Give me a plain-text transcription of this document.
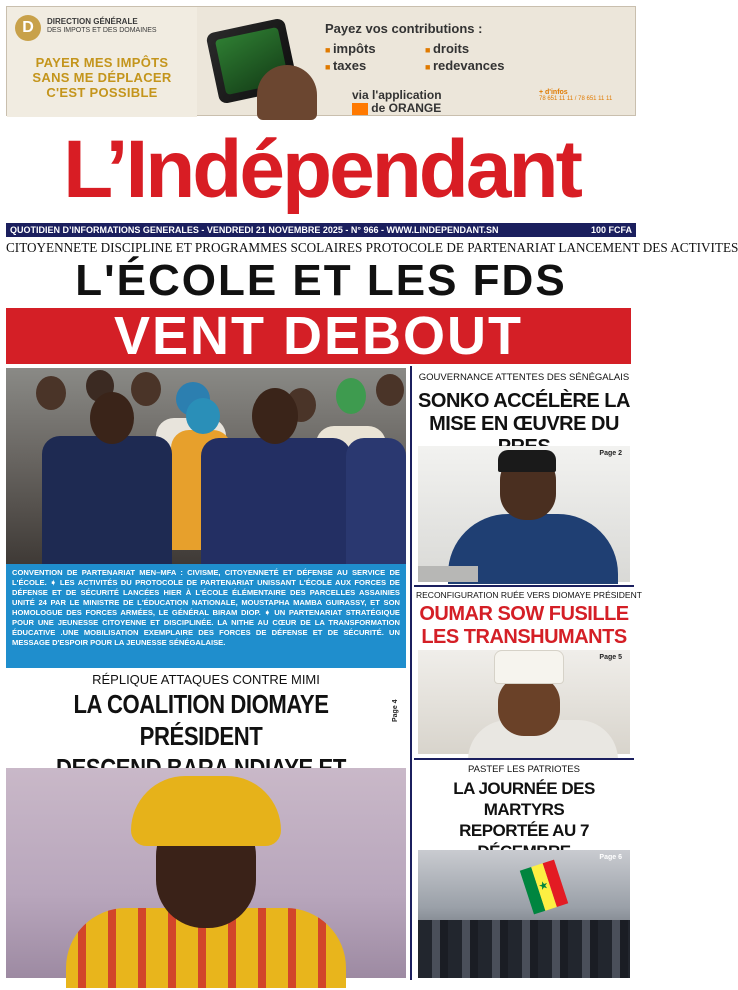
D	DIRECTION GÉNÉRALE
DES IMPOTS ET DES DOMAINES
PAYER MES IMPÔTS SANS ME DÉPLACER C'EST POSSIBLE
Payez vos contributions :
■ impôts	■ droits
■ taxes	■ redevances
via l'application
de ORANGE
+ d'infos
78 651 11 11 / 78 651 11 11
L’Indépendant
QUOTIDIEN D’INFORMATIONS GENERALES - VENDREDI 21 NOVEMBRE 2025 - N° 966 - WWW.LINDEPENDANT.SN	100 FCFA
CITOYENNETE DISCIPLINE ET PROGRAMMES SCOLAIRES PROTOCOLE DE PARTENARIAT LANCEMENT DES ACTIVITES
L'ÉCOLE ET LES FDS
VENT DEBOUT	Page 3
CONVENTION DE PARTENARIAT MEN–MFA : CIVISME, CITOYENNETÉ ET DÉFENSE AU SERVICE DE L'ÉCOLE. ➧ LES ACTIVITÉS DU PROTOCOLE DE PARTENARIAT UNISSANT L'ÉCOLE AUX FORCES DE DÉFENSE ET DE SÉCURITÉ LANCÉES HIER À L'ÉCOLE ÉLÉMENTAIRE DES PARCELLES ASSAINIES UNITÉ 24 PAR LE MINISTRE DE L'ÉDUCATION NATIONALE, MOUSTAPHA MAMBA GUIRASSY, ET SON HOMOLOGUE DES FORCES ARMÉES, LE GÉNÉRAL BIRAM DIOP. ➧ UN PARTENARIAT STRATÉGIQUE POUR UNE JEUNESSE CITOYENNE ET DISCIPLINÉE. LA NITHE AU CŒUR DE LA TRANSFORMATION ÉDUCATIVE .UNE MOBILISATION EXEMPLAIRE DES FORCES DE DÉFENSE ET DE SÉCURITÉ. UN MESSAGE D'ESPOIR POUR LA JEUNESSE SÉNÉGALAISE.
RÉPLIQUE ATTAQUES CONTRE MIMI
LA COALITION DIOMAYE PRÉSIDENT
Page 4
GOUVERNANCE ATTENTES DES SÉNÉGALAIS
SONKO ACCÉLÈRE LA
MISE EN ŒUVRE DU
Page 2
RECONFIGURATION RUÉE VERS DIOMAYE PRÉSIDENT
OUMAR SOW FUSILLE
LES TRANSHUMANTS
Page 5
PASTEF LES PATRIOTES
LA JOURNÉE DES MARTYRS
REPORTÉE AU 7
Page 6
★
